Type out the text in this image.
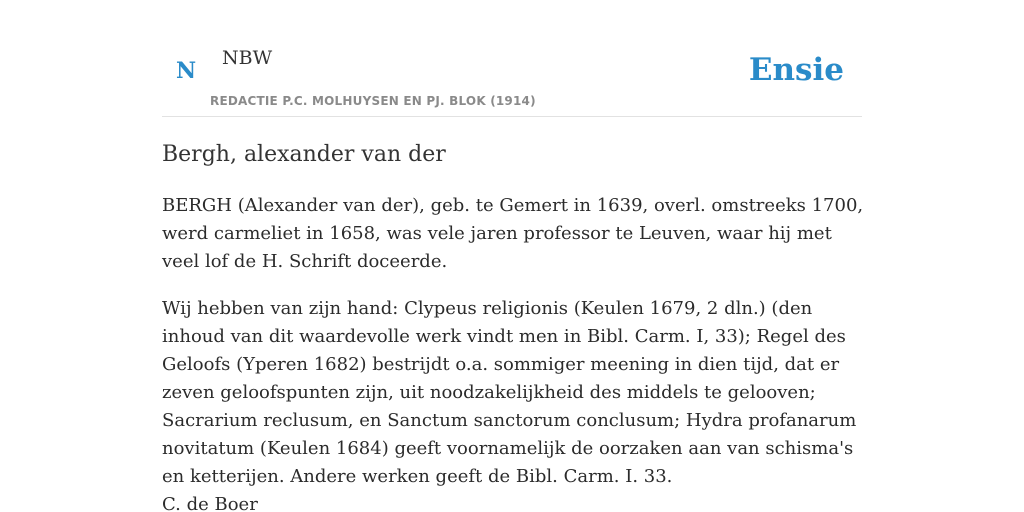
N NBW
REDACTIE P.C. MOLHUYSEN EN PJ. BLOK (1914)
Ensie
Bergh, alexander van der

BERGH (Alexander van der), geb. te Gemert in 1639, overl. omstreeks 1700, werd carmeliet in 1658, was vele jaren professor te Leuven, waar hij met veel lof de H. Schrift doceerde.

Wij hebben van zijn hand: Clypeus religionis (Keulen 1679, 2 dln.) (den inhoud van dit waardevolle werk vindt men in Bibl. Carm. I, 33); Regel des Geloofs (Yperen 1682) bestrijdt o.a. sommiger meening in dien tijd, dat er zeven geloofspunten zijn, uit noodzakelijkheid des middels te gelooven; Sacrarium reclusum, en Sanctum sanctorum conclusum; Hydra profanarum novitatum (Keulen 1684) geeft voornamelijk de oorzaken aan van schisma's en ketterijen. Andere werken geeft de Bibl. Carm. I. 33.
C. de Boer
